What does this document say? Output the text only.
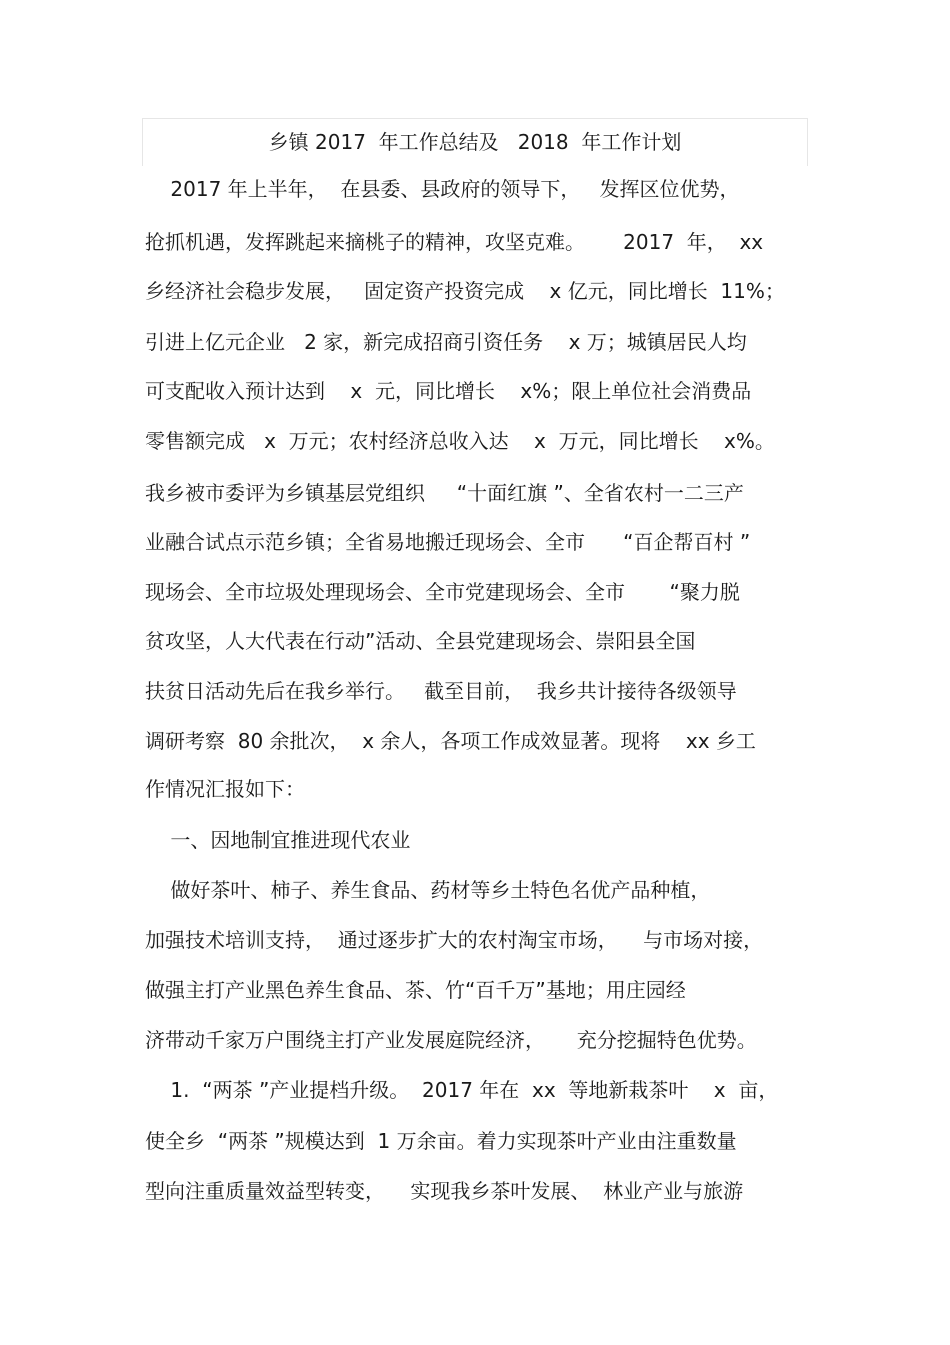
乡镇 2017  年工作总结及   2018  年工作计划

2017 年上半年，  在县委、县政府的领导下，   发挥区位优势，

抢抓机遇，发挥跳起来摘桃子的精神，攻坚克难。      2017  年，  xx

乡经济社会稳步发展，   固定资产投资完成    x 亿元，同比增长  11%；

引进上亿元企业   2 家，新完成招商引资任务    x 万；城镇居民人均

可支配收入预计达到    x  元，同比增长    x%；限上单位社会消费品

零售额完成   x  万元；农村经济总收入达    x  万元，同比增长    x%。

我乡被市委评为乡镇基层党组织     “十面红旗 ”、全省农村一二三产

业融合试点示范乡镇；全省易地搬迁现场会、全市      “百企帮百村 ”

现场会、全市垃圾处理现场会、全市党建现场会、全市       “聚力脱

贫攻坚，人大代表在行动”活动、全县党建现场会、崇阳县全国

扶贫日活动先后在我乡举行。   截至目前，  我乡共计接待各级领导

调研考察  80 余批次，  x 余人，各项工作成效显著。现将    xx 乡工

作情况汇报如下：

一、因地制宜推进现代农业

做好茶叶、柿子、养生食品、药材等乡土特色名优产品种植，

加强技术培训支持，  通过逐步扩大的农村淘宝市场，    与市场对接，

做强主打产业黑色养生食品、茶、竹“百千万”基地；用庄园经

济带动千家万户围绕主打产业发展庭院经济，     充分挖掘特色优势。

1.  “两茶 ”产业提档升级。  2017 年在  xx  等地新栽茶叶    x  亩，

使全乡  “两茶 ”规模达到  1 万余亩。着力实现茶叶产业由注重数量

型向注重质量效益型转变，    实现我乡茶叶发展、  林业产业与旅游
